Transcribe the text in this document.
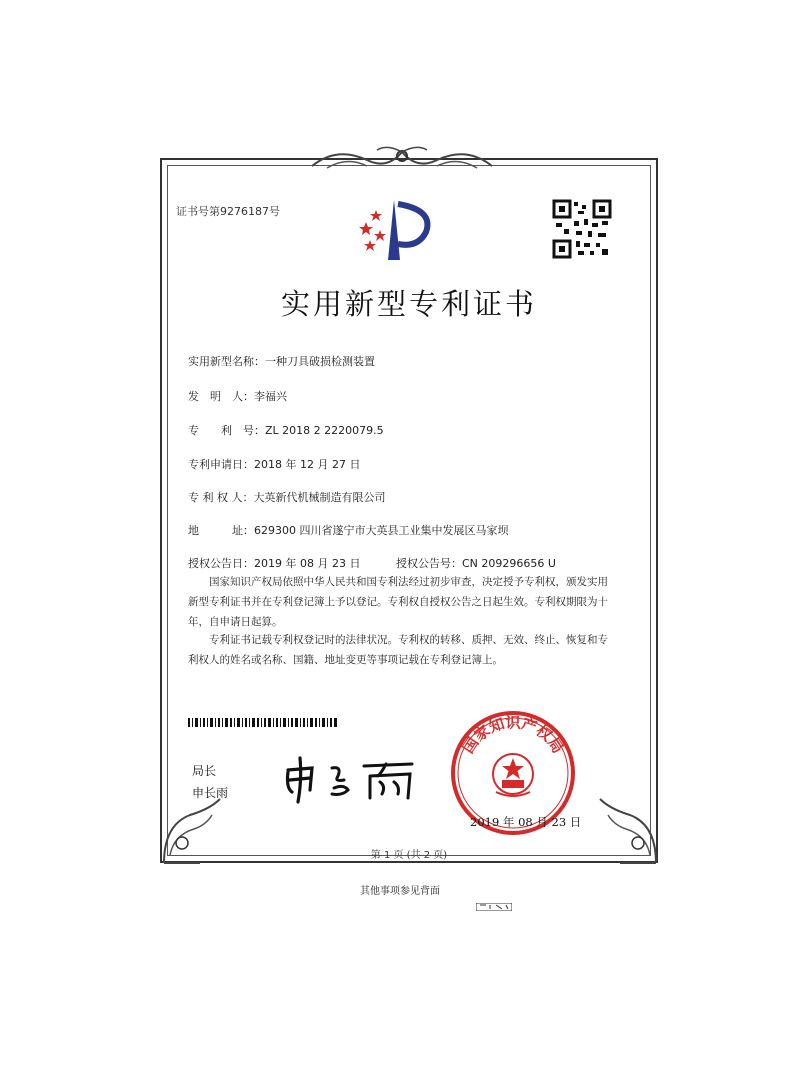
证书号第9276187号
实用新型专利证书
实用新型名称：一种刀具破损检测装置
发　明　人：李福兴
专　　利　号：ZL 2018 2 2220079.5
专利申请日：2018 年 12 月 27 日
专 利 权 人：大英新代机械制造有限公司
地　　　址：629300 四川省遂宁市大英县工业集中发展区马家坝
授权公告日：2019 年 08 月 23 日	授权公告号：CN 209296656 U
国家知识产权局依照中华人民共和国专利法经过初步审查，决定授予专利权，颁发实用新型专利证书并在专利登记簿上予以登记。专利权自授权公告之日起生效。专利权期限为十年，自申请日起算。
专利证书记载专利权登记时的法律状况。专利权的转移、质押、无效、终止、恢复和专利权人的姓名或名称、国籍、地址变更等事项记载在专利登记簿上。
局长
申长雨
国家知识产权局
2019 年 08 月 23 日
第 1 页 (共 2 页)
其他事项参见背面
